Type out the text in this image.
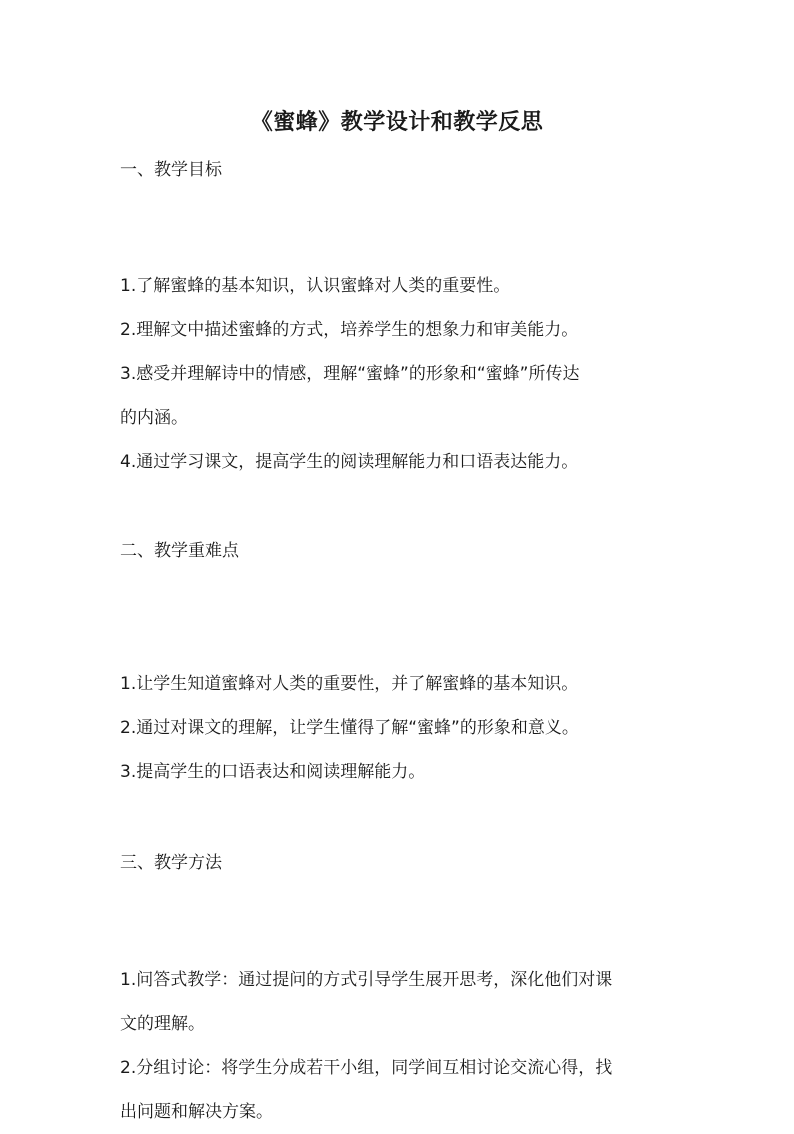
《蜜蜂》教学设计和教学反思
一、教学目标
1.了解蜜蜂的基本知识，认识蜜蜂对人类的重要性。
2.理解文中描述蜜蜂的方式，培养学生的想象力和审美能力。
3.感受并理解诗中的情感，理解“蜜蜂”的形象和“蜜蜂”所传达
的内涵。
4.通过学习课文，提高学生的阅读理解能力和口语表达能力。
二、教学重难点
1.让学生知道蜜蜂对人类的重要性，并了解蜜蜂的基本知识。
2.通过对课文的理解，让学生懂得了解“蜜蜂”的形象和意义。
3.提高学生的口语表达和阅读理解能力。
三、教学方法
1.问答式教学：通过提问的方式引导学生展开思考，深化他们对课
文的理解。
2.分组讨论：将学生分成若干小组，同学间互相讨论交流心得，找
出问题和解决方案。
